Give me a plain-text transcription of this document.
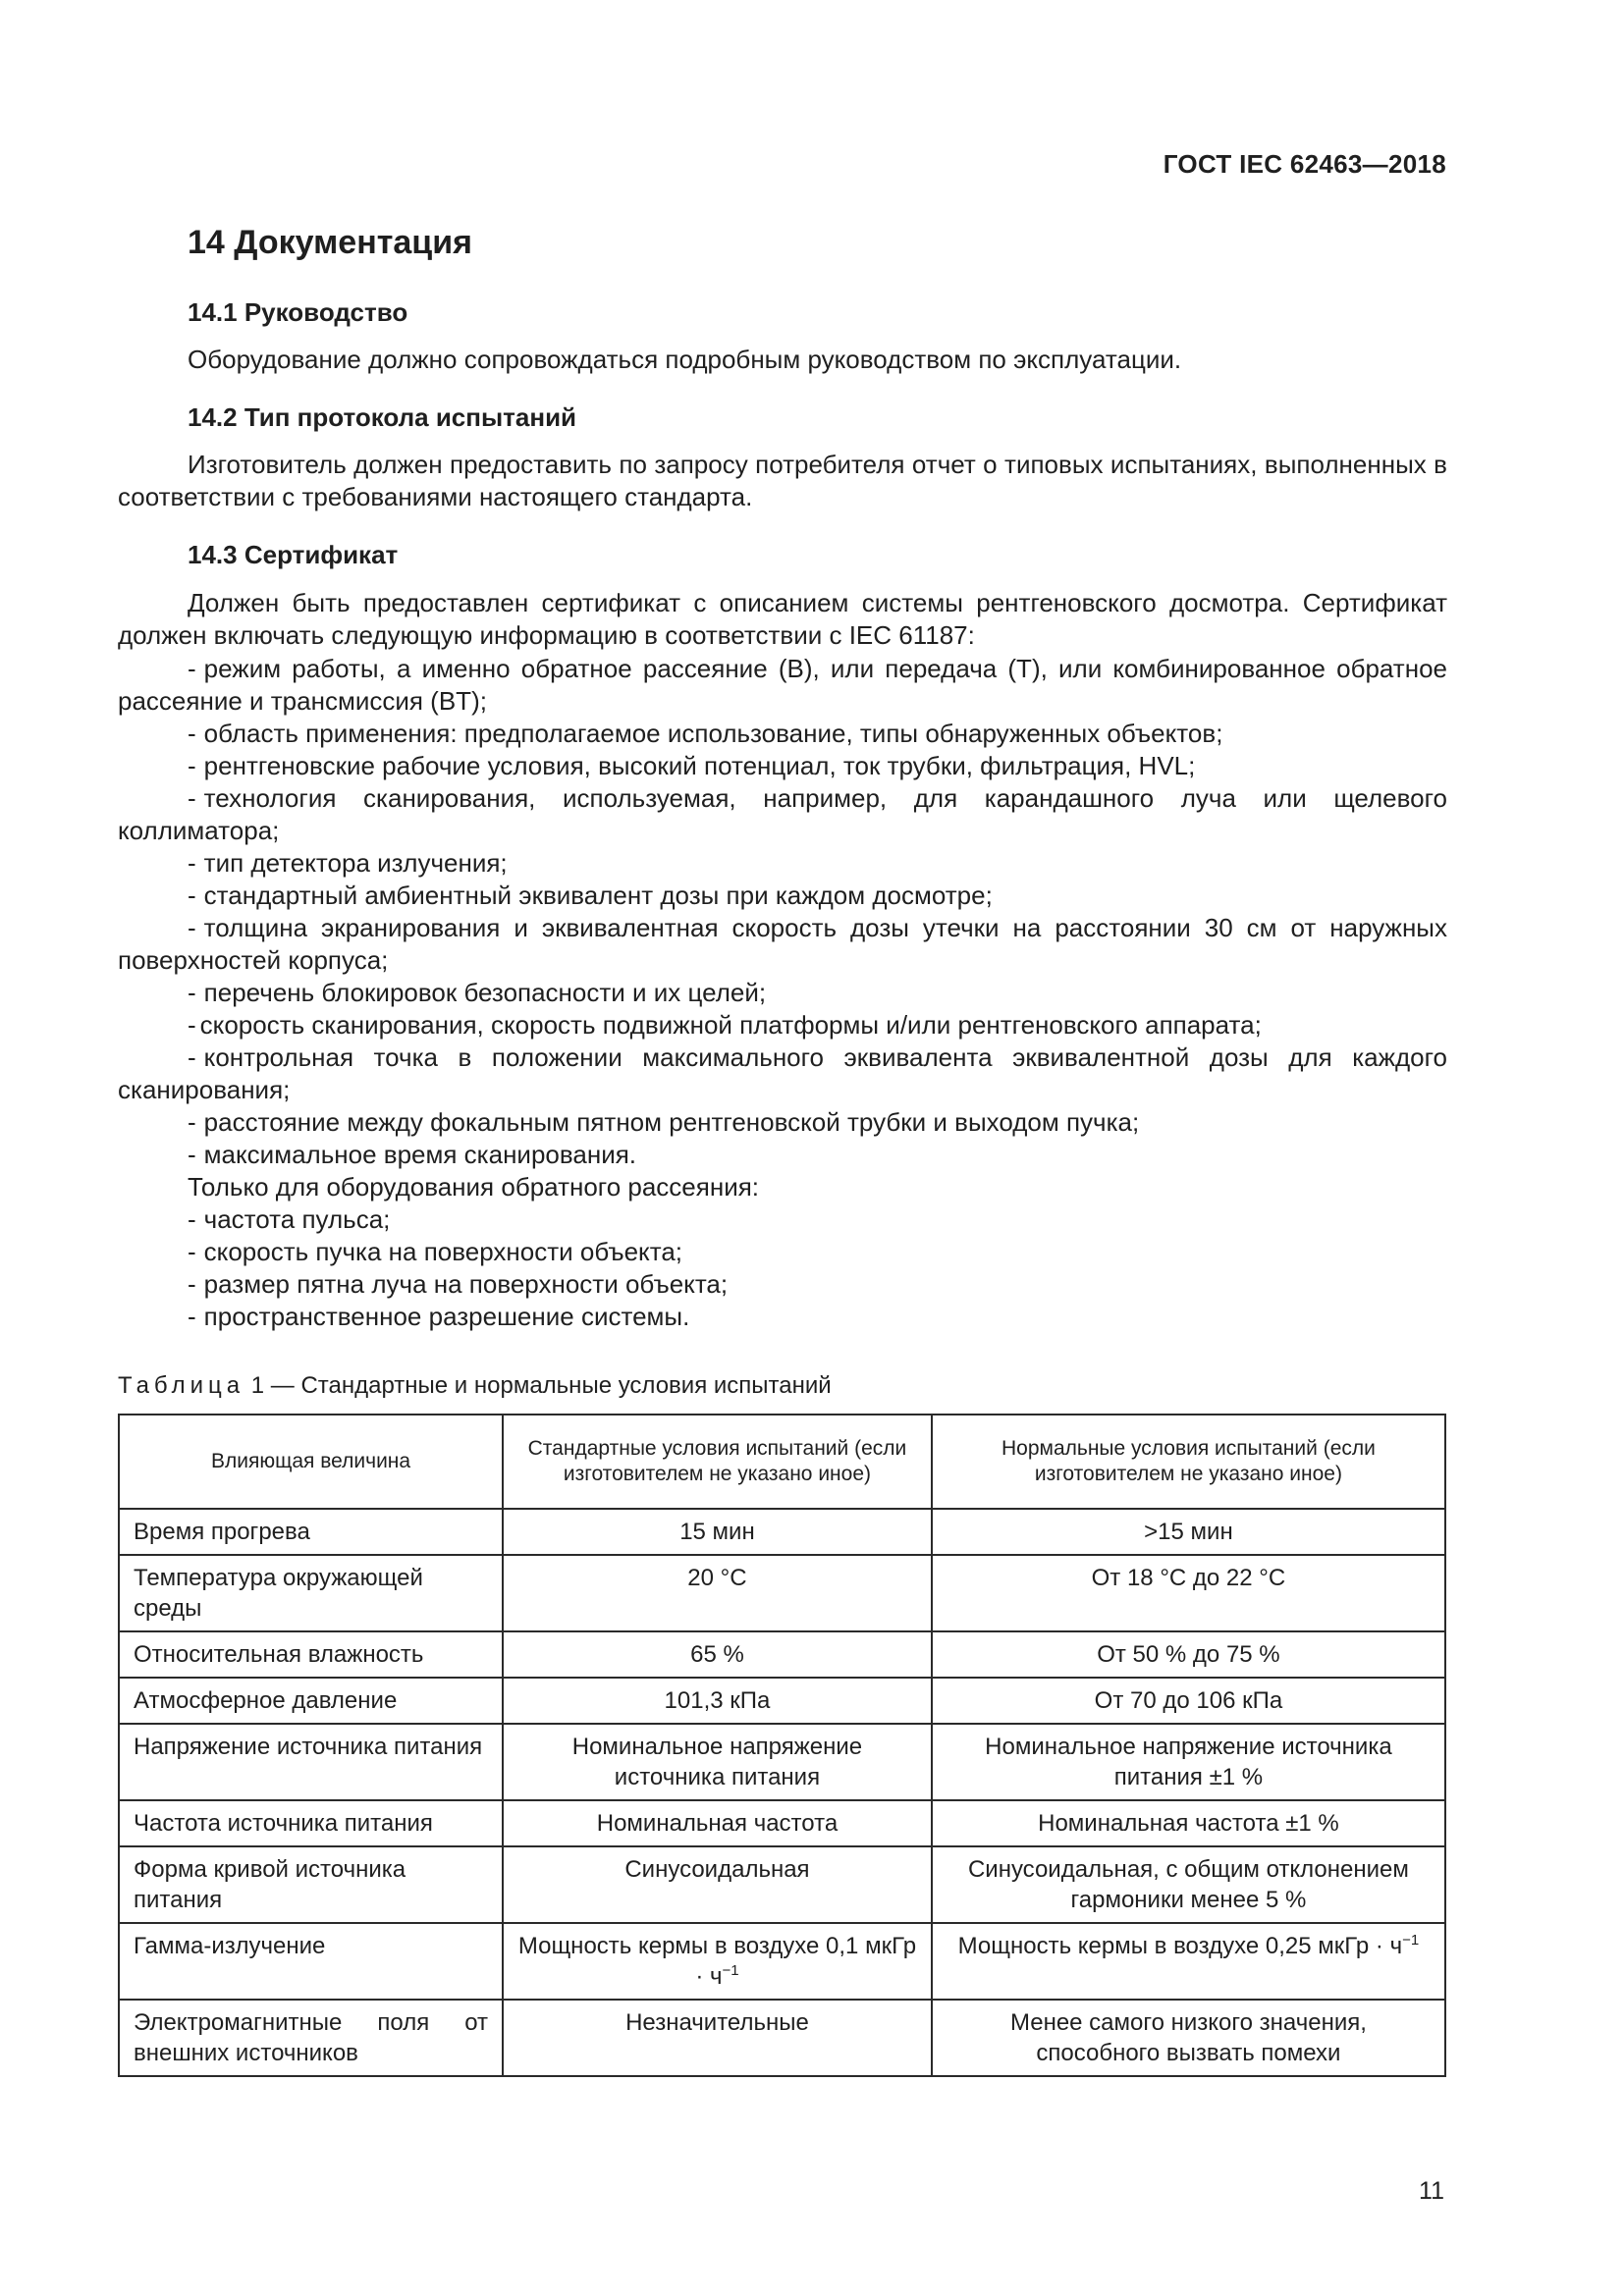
ГОСТ IEC 62463—2018
14 Документация
14.1 Руководство

Оборудование должно сопровождаться подробным руководством по эксплуатации.

14.2 Тип протокола испытаний

Изготовитель должен предоставить по запросу потребителя отчет о типовых испытаниях, выполненных в соответствии с требованиями настоящего стандарта.

14.3 Сертификат

Должен быть предоставлен сертификат с описанием системы рентгеновского досмотра. Сертификат должен включать следующую информацию в соответствии с IEC 61187:

- режим работы, а именно обратное рассеяние (B), или передача (T), или комбинированное обратное рассеяние и трансмиссия (BT);
- область применения: предполагаемое использование, типы обнаруженных объектов;
- рентгеновские рабочие условия, высокий потенциал, ток трубки, фильтрация, HVL;
- технология сканирования, используемая, например, для карандашного луча или щелевого коллиматора;
- тип детектора излучения;
- стандартный амбиентный эквивалент дозы при каждом досмотре;
- толщина экранирования и эквивалентная скорость дозы утечки на расстоянии 30 см от наружных поверхностей корпуса;
- перечень блокировок безопасности и их целей;
- скорость сканирования, скорость подвижной платформы и/или рентгеновского аппарата;
- контрольная точка в положении максимального эквивалента эквивалентной дозы для каждого сканирования;
- расстояние между фокальным пятном рентгеновской трубки и выходом пучка;
- максимальное время сканирования.
Только для оборудования обратного рассеяния:
- частота пульса;
- скорость пучка на поверхности объекта;
- размер пятна луча на поверхности объекта;
- пространственное разрешение системы.
Таблица 1 — Стандартные и нормальные условия испытаний
Влияющая величина	Стандартные условия испытаний (если изготовителем не указано иное)	Нормальные условия испытаний (если изготовителем не указано иное)
Время прогрева	15 мин	>15 мин
Температура окружающей среды	20 °С	От 18 °С до 22 °С
Относительная влажность	65 %	От 50 % до 75 %
Атмосферное давление	101,3 кПа	От 70 до 106 кПа
Напряжение источника питания	Номинальное напряжение источника питания	Номинальное напряжение источника питания ±1 %
Частота источника питания	Номинальная частота	Номинальная частота ±1 %
Форма кривой источника питания	Синусоидальная	Синусоидальная, с общим отклонением гармоники менее 5 %
Гамма-излучение	Мощность кермы в воздухе 0,1 мкГр · $ч^{-1}$	Мощность кермы в воздухе 0,25 мкГр · $ч^{-1}$
Электромагнитные поля от внешних источников	Незначительные	Менее самого низкого значения, способного вызвать помехи
11
